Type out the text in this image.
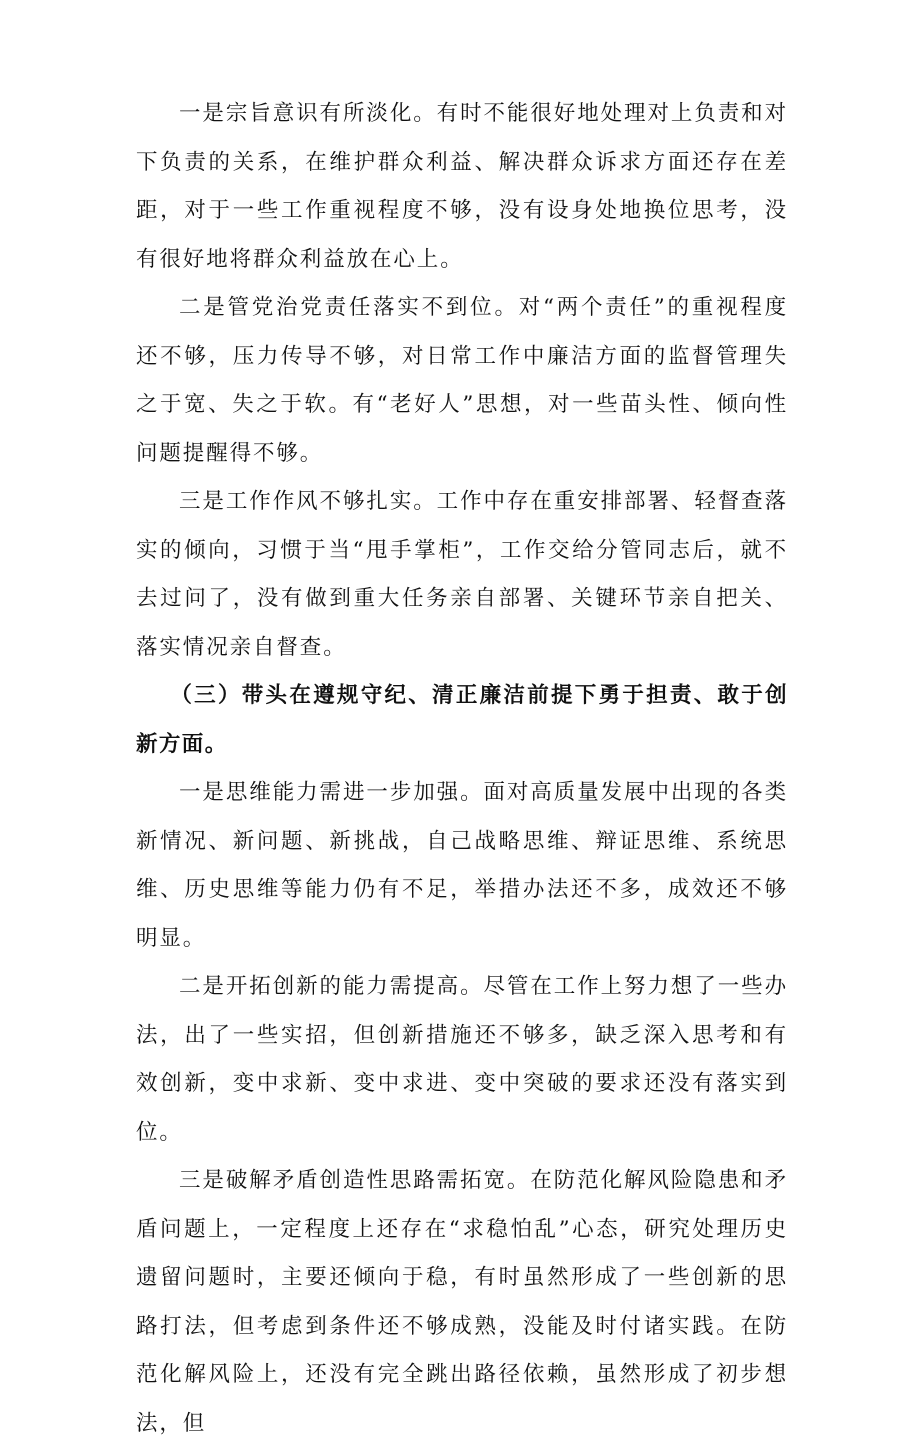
一是宗旨意识有所淡化。有时不能很好地处理对上负责和对下负责的关系，在维护群众利益、解决群众诉求方面还存在差距，对于一些工作重视程度不够，没有设身处地换位思考，没有很好地将群众利益放在心上。

二是管党治党责任落实不到位。对“两个责任”的重视程度还不够，压力传导不够，对日常工作中廉洁方面的监督管理失之于宽、失之于软。有“老好人”思想，对一些苗头性、倾向性问题提醒得不够。

三是工作作风不够扎实。工作中存在重安排部署、轻督查落实的倾向，习惯于当“甩手掌柜”，工作交给分管同志后，就不去过问了，没有做到重大任务亲自部署、关键环节亲自把关、落实情况亲自督查。

（三）带头在遵规守纪、清正廉洁前提下勇于担责、敢于创新方面。

一是思维能力需进一步加强。面对高质量发展中出现的各类新情况、新问题、新挑战，自己战略思维、辩证思维、系统思维、历史思维等能力仍有不足，举措办法还不多，成效还不够明显。

二是开拓创新的能力需提高。尽管在工作上努力想了一些办法，出了一些实招，但创新措施还不够多，缺乏深入思考和有效创新，变中求新、变中求进、变中突破的要求还没有落实到位。

三是破解矛盾创造性思路需拓宽。在防范化解风险隐患和矛盾问题上，一定程度上还存在“求稳怕乱”心态，研究处理历史遗留问题时，主要还倾向于稳，有时虽然形成了一些创新的思路打法，但考虑到条件还不够成熟，没能及时付诸实践。在防范化解风险上，还没有完全跳出路径依赖，虽然形成了初步想法，但
